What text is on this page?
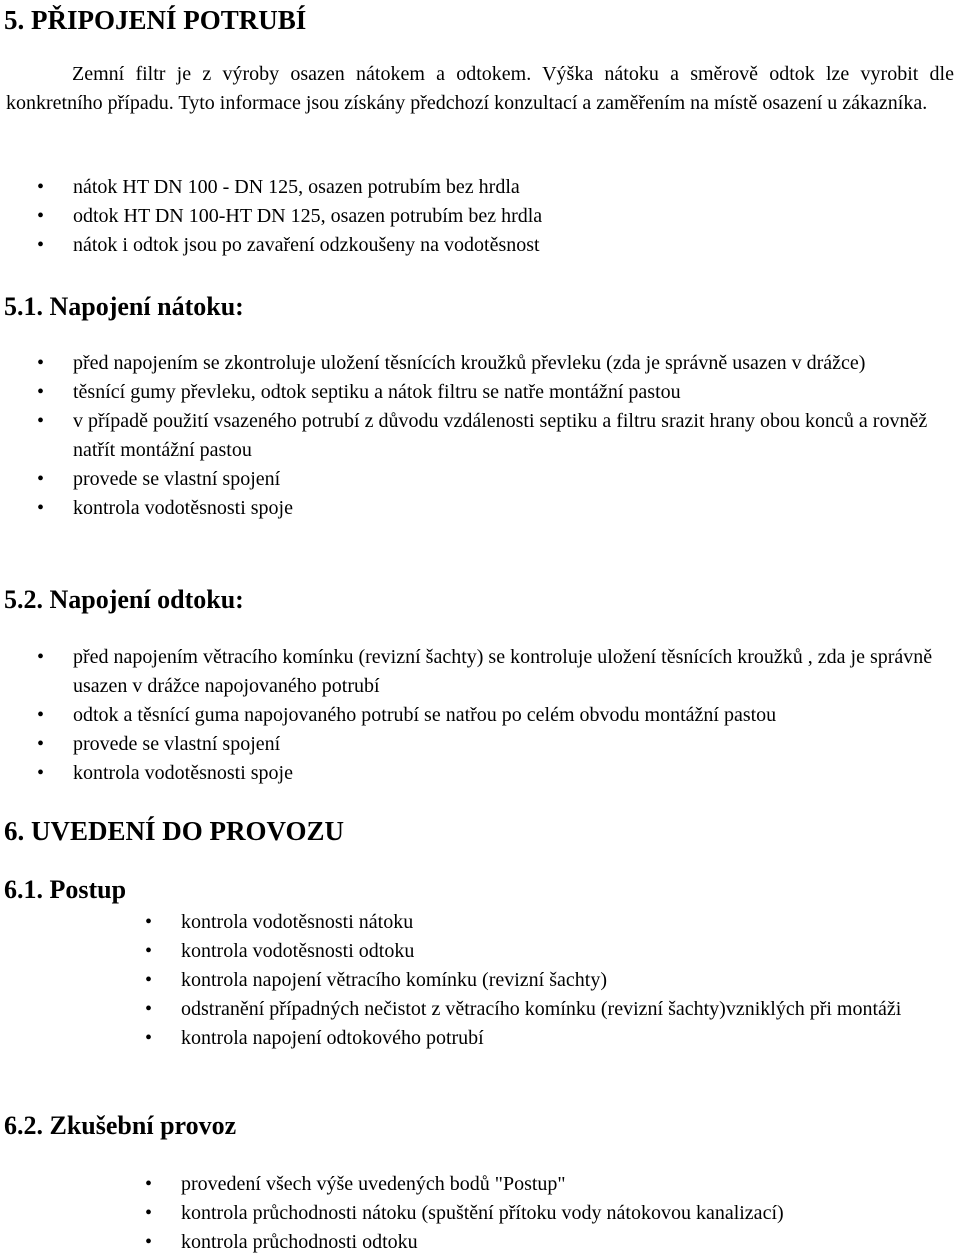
5. PŘIPOJENÍ POTRUBÍ
Zemní filtr je z výroby osazen nátokem a odtokem. Výška nátoku a směrově odtok lze vyrobit dle konkretního případu. Tyto informace jsou získány předchozí konzultací a zaměřením na místě osazení u zákazníka.
• nátok HT DN 100 - DN 125, osazen potrubím bez hrdla
• odtok HT DN 100-HT DN 125, osazen potrubím bez hrdla
• nátok i odtok jsou po zavaření odzkoušeny na vodotěsnost
5.1. Napojení nátoku:
• před napojením se zkontroluje uložení těsnících kroužků převleku (zda je správně usazen v drážce)
• těsnící gumy převleku, odtok septiku a nátok filtru se natře montážní pastou
• v případě použití vsazeného potrubí z důvodu vzdálenosti septiku a filtru srazit hrany obou konců a rovněž natřít montážní pastou
• provede se vlastní spojení
• kontrola vodotěsnosti spoje
5.2. Napojení odtoku:
• před napojením větracího komínku (revizní šachty) se kontroluje uložení těsnících kroužků , zda je správně usazen v drážce napojovaného potrubí
• odtok a těsnící guma napojovaného potrubí se natřou po celém obvodu montážní pastou
• provede se vlastní spojení
• kontrola vodotěsnosti spoje
6. UVEDENÍ DO PROVOZU
6.1. Postup
• kontrola vodotěsnosti nátoku
• kontrola vodotěsnosti odtoku
• kontrola napojení větracího komínku (revizní šachty)
• odstranění případných nečistot z větracího komínku (revizní šachty)vzniklých při montáži
• kontrola napojení odtokového potrubí
6.2. Zkušební provoz
• provedení všech výše uvedených bodů "Postup"
• kontrola průchodnosti nátoku (spuštění přítoku vody nátokovou kanalizací)
• kontrola průchodnosti odtoku
